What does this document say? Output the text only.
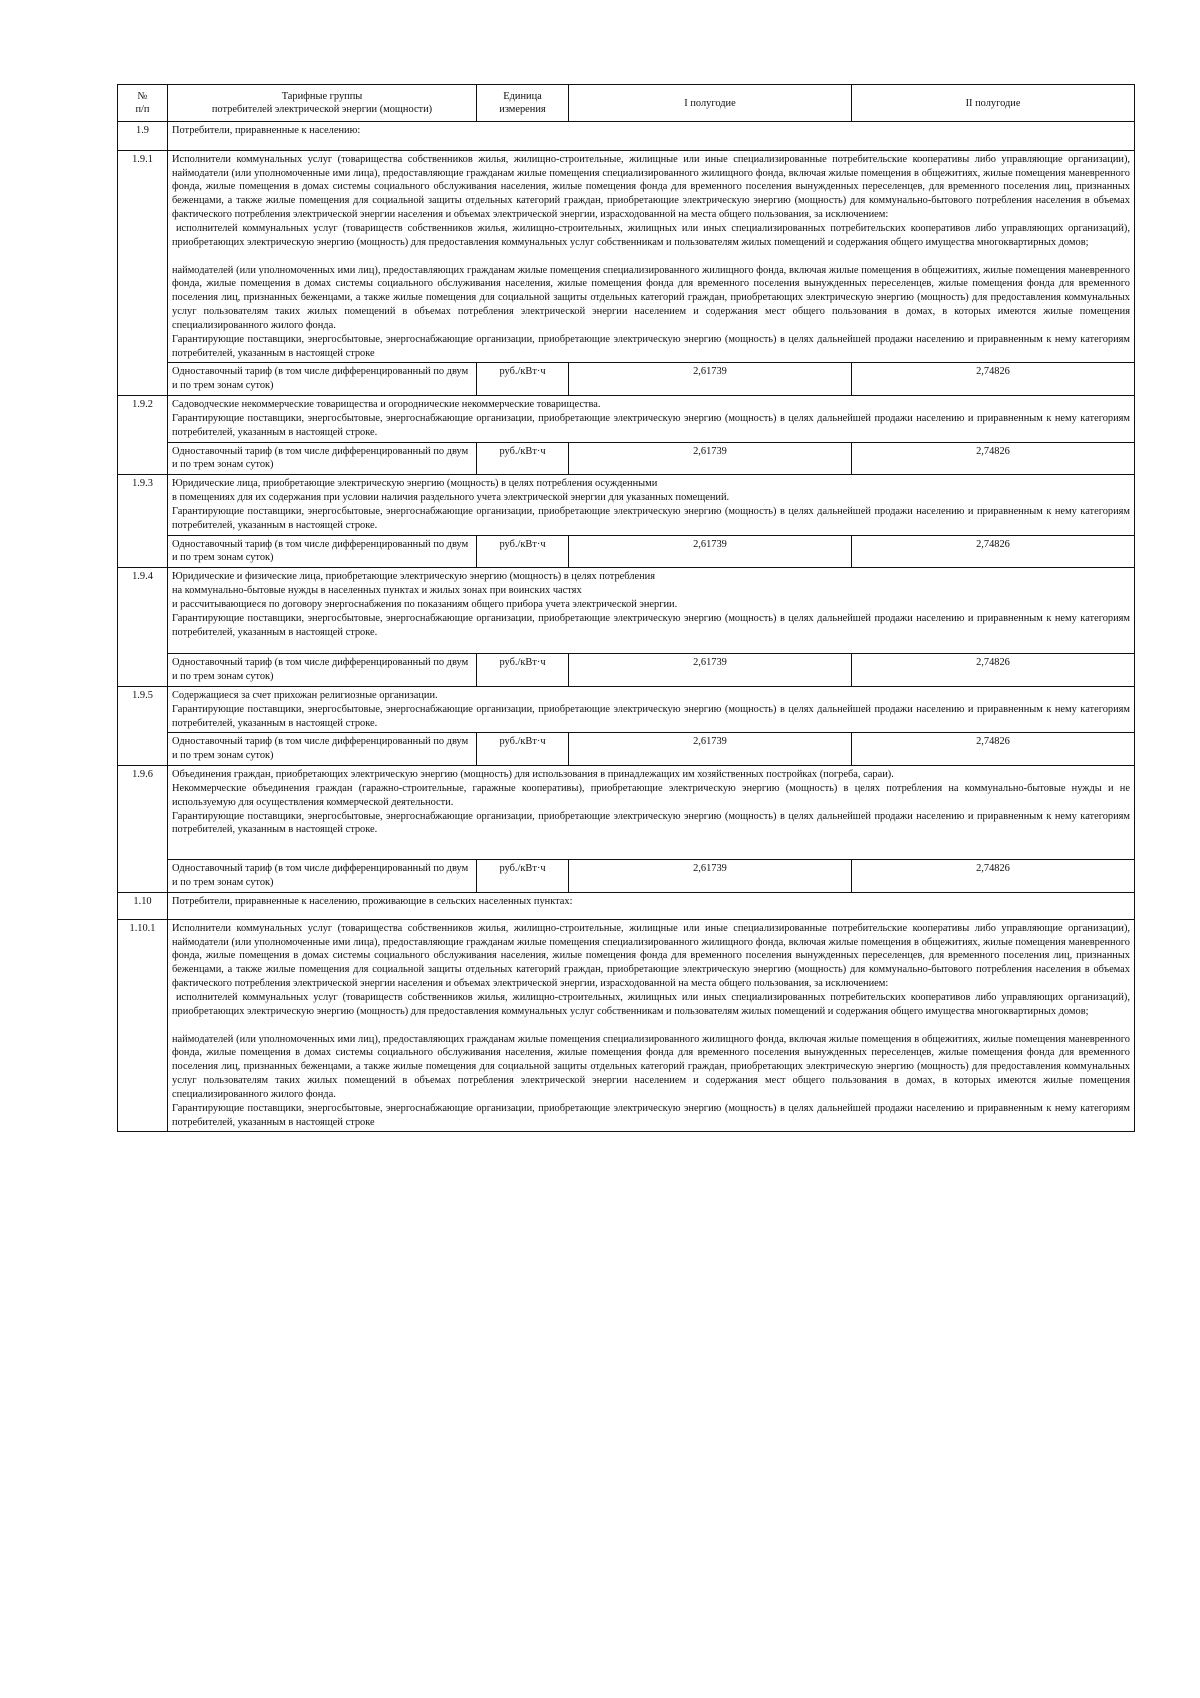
№
п/п	Тарифные группы
потребителей электрической энергии (мощности)	Единица
измерения	I полугодие	II полугодие
1.9	Потребители, приравненные к населению:			
1.9.1	Исполнители коммунальных услуг (товарищества собственников жилья, жилищно-строительные, жилищные или иные специализированные потребительские кооперативы либо управляющие организации), наймодатели (или уполномоченные ими лица), предоставляющие гражданам жилые помещения специализированного жилищного фонда, включая жилые помещения в общежитиях, жилые помещения маневренного фонда, жилые помещения в домах системы социального обслуживания населения, жилые помещения фонда для временного поселения вынужденных переселенцев, для временного поселения лиц, признанных беженцами, а также жилые помещения для социальной защиты отдельных категорий граждан, приобретающие электрическую энергию (мощность) для коммунально-бытового потребления населения в объемах фактического потребления электрической энергии населения и объемах электрической энергии, израсходованной на места общего пользования, за исключением:

исполнителей коммунальных услуг (товариществ собственников жилья, жилищно-строительных, жилищных или иных специализированных потребительских кооперативов либо управляющих организаций), приобретающих электрическую энергию (мощность) для предоставления коммунальных услуг собственникам и пользователям жилых помещений и содержания общего имущества многоквартирных домов;

наймодателей (или уполномоченных ими лиц), предоставляющих гражданам жилые помещения специализированного жилищного фонда, включая жилые помещения в общежитиях, жилые помещения маневренного фонда, жилые помещения в домах системы социального обслуживания населения, жилые помещения фонда для временного поселения вынужденных переселенцев, жилые помещения фонда для временного поселения лиц, признанных беженцами, а также жилые помещения для социальной защиты отдельных категорий граждан, приобретающих электрическую энергию (мощность) для предоставления коммунальных услуг пользователям таких жилых помещений в объемах потребления электрической энергии населением и содержания мест общего пользования в домах, в которых имеются жилые помещения специализированного жилого фонда.

Гарантирующие поставщики, энергосбытовые, энергоснабжающие организации, приобретающие электрическую энергию (мощность) в целях дальнейшей продажи населению и приравненным к нему категориям потребителей, указанным в настоящей строке			

	Одноставочный тариф (в том числе дифференцированный по двум и по трем зонам суток)	руб./кВт·ч	2,61739	2,74826
1.9.2	Садоводческие некоммерческие товарищества и огороднические некоммерческие товарищества.

Гарантирующие поставщики, энергосбытовые, энергоснабжающие организации, приобретающие электрическую энергию (мощность) в целях дальнейшей продажи населению и приравненным к нему категориям потребителей, указанным в настоящей строке.			

	Одноставочный тариф (в том числе дифференцированный по двум и по трем зонам суток)	руб./кВт·ч	2,61739	2,74826
1.9.3	Юридические лица, приобретающие электрическую энергию (мощность) в целях потребления осужденными

в помещениях для их содержания при условии наличия раздельного учета электрической энергии для указанных помещений.

Гарантирующие поставщики, энергосбытовые, энергоснабжающие организации, приобретающие электрическую энергию (мощность) в целях дальнейшей продажи населению и приравненным к нему категориям потребителей, указанным в настоящей строке.			

	Одноставочный тариф (в том числе дифференцированный по двум и по трем зонам суток)	руб./кВт·ч	2,61739	2,74826
1.9.4	Юридические и физические лица, приобретающие электрическую энергию (мощность) в целях потребления

на коммунально-бытовые нужды в населенных пунктах и жилых зонах при воинских частях

и рассчитывающиеся по договору энергоснабжения по показаниям общего прибора учета электрической энергии.

Гарантирующие поставщики, энергосбытовые, энергоснабжающие организации, приобретающие электрическую энергию (мощность) в целях дальнейшей продажи населению и приравненным к нему категориям потребителей, указанным в настоящей строке.			

	Одноставочный тариф (в том числе дифференцированный по двум и по трем зонам суток)	руб./кВт·ч	2,61739	2,74826
1.9.5	Содержащиеся за счет прихожан религиозные организации.

Гарантирующие поставщики, энергосбытовые, энергоснабжающие организации, приобретающие электрическую энергию (мощность) в целях дальнейшей продажи населению и приравненным к нему категориям потребителей, указанным в настоящей строке.			

	Одноставочный тариф (в том числе дифференцированный по двум и по трем зонам суток)	руб./кВт·ч	2,61739	2,74826
1.9.6	Объединения граждан, приобретающих электрическую энергию (мощность) для использования в принадлежащих им хозяйственных постройках (погреба, сараи).

Некоммерческие объединения граждан (гаражно-строительные, гаражные кооперативы), приобретающие электрическую энергию (мощность) в целях потребления на коммунально-бытовые нужды и не используемую для осуществления коммерческой деятельности.

Гарантирующие поставщики, энергосбытовые, энергоснабжающие организации, приобретающие электрическую энергию (мощность) в целях дальнейшей продажи населению и приравненным к нему категориям потребителей, указанным в настоящей строке.			

	Одноставочный тариф (в том числе дифференцированный по двум и по трем зонам суток)	руб./кВт·ч	2,61739	2,74826
1.10	Потребители, приравненные к населению, проживающие в сельских населенных пунктах:			
1.10.1	Исполнители коммунальных услуг (товарищества собственников жилья, жилищно-строительные, жилищные или иные специализированные потребительские кооперативы либо управляющие организации), наймодатели (или уполномоченные ими лица), предоставляющие гражданам жилые помещения специализированного жилищного фонда, включая жилые помещения в общежитиях, жилые помещения маневренного фонда, жилые помещения в домах системы социального обслуживания населения, жилые помещения фонда для временного поселения вынужденных переселенцев, для временного поселения лиц, признанных беженцами, а также жилые помещения для социальной защиты отдельных категорий граждан, приобретающие электрическую энергию (мощность) для коммунально-бытового потребления населения в объемах фактического потребления электрической энергии населения и объемах электрической энергии, израсходованной на места общего пользования, за исключением:

исполнителей коммунальных услуг (товариществ собственников жилья, жилищно-строительных, жилищных или иных специализированных потребительских кооперативов либо управляющих организаций), приобретающих электрическую энергию (мощность) для предоставления коммунальных услуг собственникам и пользователям жилых помещений и содержания общего имущества многоквартирных домов;

наймодателей (или уполномоченных ими лиц), предоставляющих гражданам жилые помещения специализированного жилищного фонда, включая жилые помещения в общежитиях, жилые помещения маневренного фонда, жилые помещения в домах системы социального обслуживания населения, жилые помещения фонда для временного поселения вынужденных переселенцев, жилые помещения фонда для временного поселения лиц, признанных беженцами, а также жилые помещения для социальной защиты отдельных категорий граждан, приобретающих электрическую энергию (мощность) для предоставления коммунальных услуг пользователям таких жилых помещений в объемах потребления электрической энергии населением и содержания мест общего пользования в домах, в которых имеются жилые помещения специализированного жилого фонда.

Гарантирующие поставщики, энергосбытовые, энергоснабжающие организации, приобретающие электрическую энергию (мощность) в целях дальнейшей продажи населению и приравненным к нему категориям потребителей, указанным в настоящей строке			
